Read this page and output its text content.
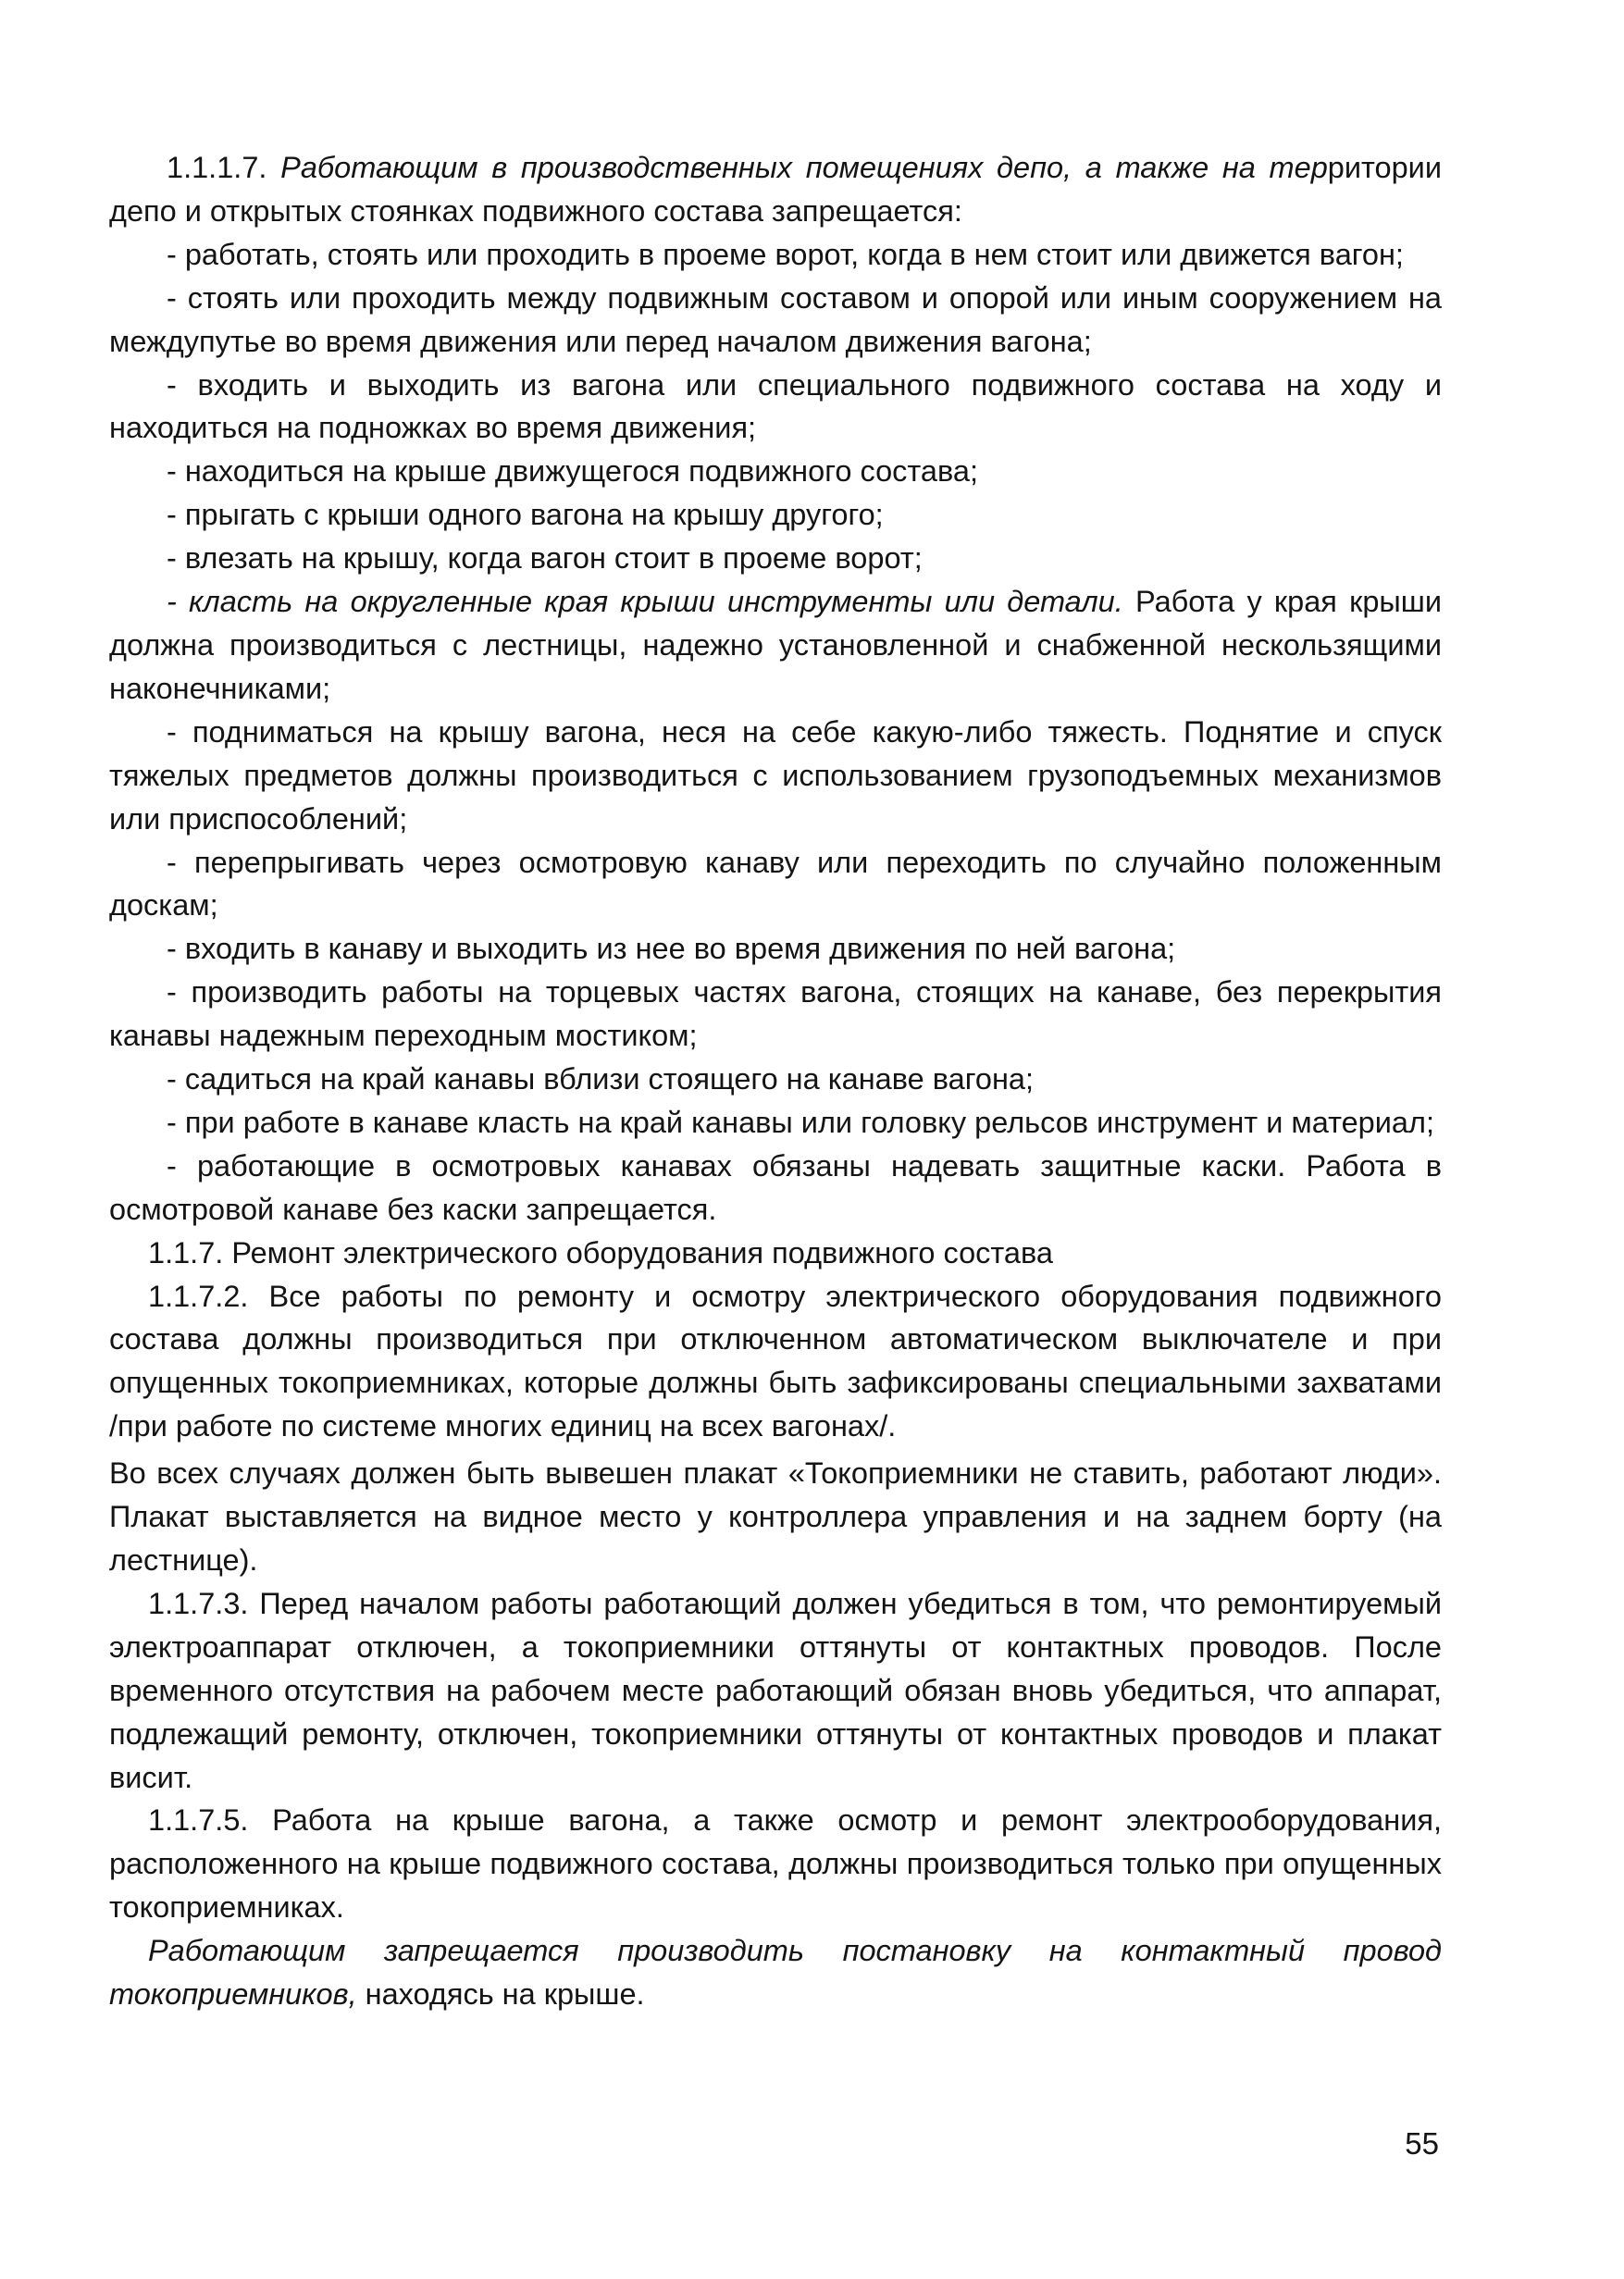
1.1.1.7. Работающим в производственных помещениях депо, а также на территории депо и открытых стоянках подвижного состава запрещается:

- работать, стоять или проходить в проеме ворот, когда в нем стоит или движется вагон;

- стоять или проходить между подвижным составом и опорой или иным сооружением на междупутье во время движения или перед началом движения вагона;

- входить и выходить из вагона или специального подвижного состава на ходу и находиться на подножках во время движения;

- находиться на крыше движущегося подвижного состава;

- прыгать с крыши одного вагона на крышу другого;

- влезать на крышу, когда вагон стоит в проеме ворот;

- класть на округленные края крыши инструменты или детали. Работа у края крыши должна производиться с лестницы, надежно установленной и снабженной нескользящими наконечниками;

- подниматься на крышу вагона, неся на себе какую-либо тяжесть. Поднятие и спуск тяжелых предметов должны производиться с использованием грузоподъемных механизмов или приспособлений;

- перепрыгивать через осмотровую канаву или переходить по случайно положенным доскам;

- входить в канаву и выходить из нее во время движения по ней вагона;

- производить работы на торцевых частях вагона, стоящих на канаве, без перекрытия канавы надежным переходным мостиком;

- садиться на край канавы вблизи стоящего на канаве вагона;

- при работе в канаве класть на край канавы или головку рельсов инструмент и материал;

- работающие в осмотровых канавах обязаны надевать защитные каски. Работа в осмотровой канаве без каски запрещается.

1.1.7. Ремонт электрического оборудования подвижного состава

1.1.7.2. Все работы по ремонту и осмотру электрического оборудования подвижного состава должны производиться при отключенном автоматическом выключателе и при опущенных токоприемниках, которые должны быть зафиксированы специальными захватами /при работе по системе многих единиц на всех вагонах/.

Во всех случаях должен быть вывешен плакат «Токоприемники не ставить, работают люди». Плакат выставляется на видное место у контроллера управления и на заднем борту (на лестнице).

1.1.7.3. Перед началом работы работающий должен убедиться в том, что ремонтируемый электроаппарат отключен, а токоприемники оттянуты от контактных проводов. После временного отсутствия на рабочем месте работающий обязан вновь убедиться, что аппарат, подлежащий ремонту, отключен, токоприемники оттянуты от контактных проводов и плакат висит.

1.1.7.5. Работа на крыше вагона, а также осмотр и ремонт электрооборудования, расположенного на крыше подвижного состава, должны производиться только при опущенных токоприемниках.

Работающим запрещается производить постановку на контактный провод токоприемников, находясь на крыше.

55
